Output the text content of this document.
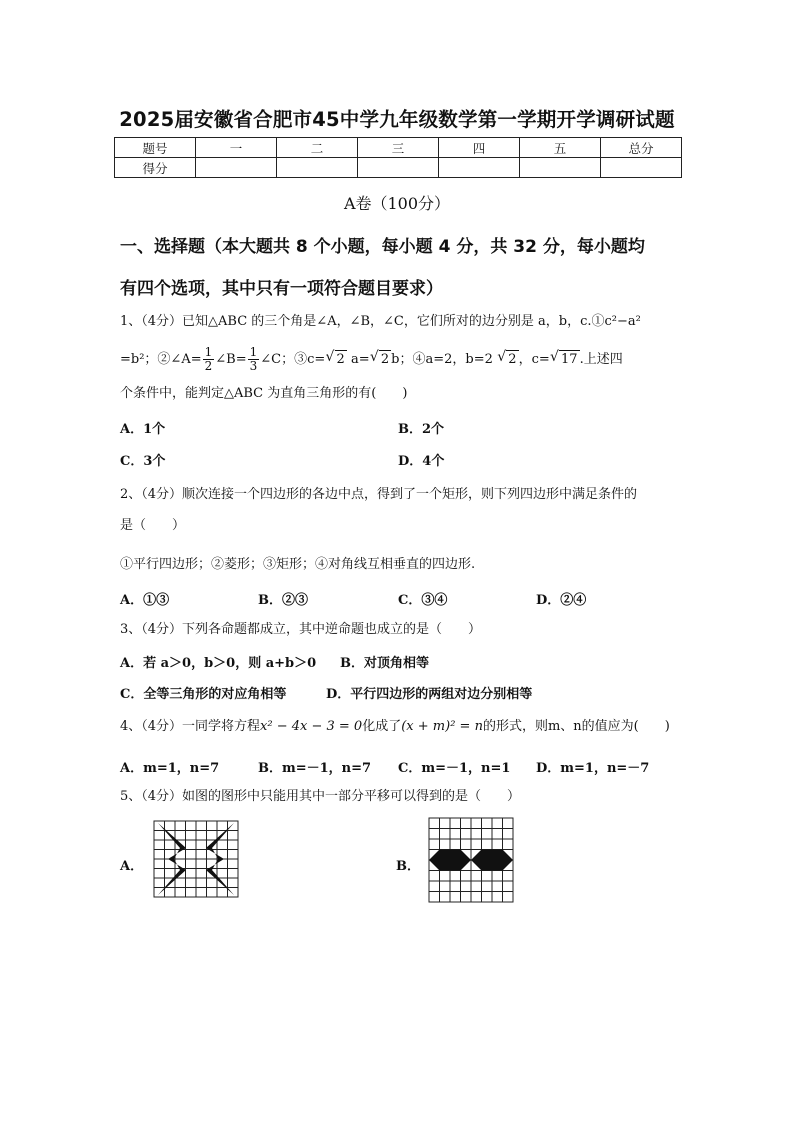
2025届安徽省合肥市45中学九年级数学第一学期开学调研试题
题号	一	二	三	四	五	总分
得分						
A卷（100分）
一、选择题（本大题共 8 个小题，每小题 4 分，共 32 分，每小题均
有四个选项，其中只有一项符合题目要求）
1、（4分）已知△ABC 的三个角是∠A，∠B，∠C，它们所对的边分别是 a，b，c.①c²−a²
=b²；②∠A= $\frac{1}{2}$ ∠B= $\frac{1}{3}$ ∠C；③c= √ 2 a= √ 2 b；④a=2，b=2 √ 2 ，c= √ 17 .上述四
个条件中，能判定△ABC 为直角三角形的有(　　)
A．1个	B．2个
C．3个	D．4个
2、（4分）顺次连接一个四边形的各边中点，得到了一个矩形，则下列四边形中满足条件的
是（　　）
①平行四边形；②菱形；③矩形；④对角线互相垂直的四边形.
A．①③	B．②③	C．③④	D．②④
3、（4分）下列各命题都成立，其中逆命题也成立的是（　　）
A．若 a＞0，b＞0，则 a+b＞0 B．对顶角相等
C．全等三角形的对应角相等	D．平行四边形的两组对边分别相等
4、（4分）一同学将方程x² − 4x − 3 = 0化成了(x + m)² = n的形式，则m、n的值应为(　　)
A．m=1，n=7	B．m=－1，n=7 C．m=－1，n=1 D．m=1，n=－7
5、（4分）如图的图形中只能用其中一部分平移可以得到的是（　　）
A．	B．
